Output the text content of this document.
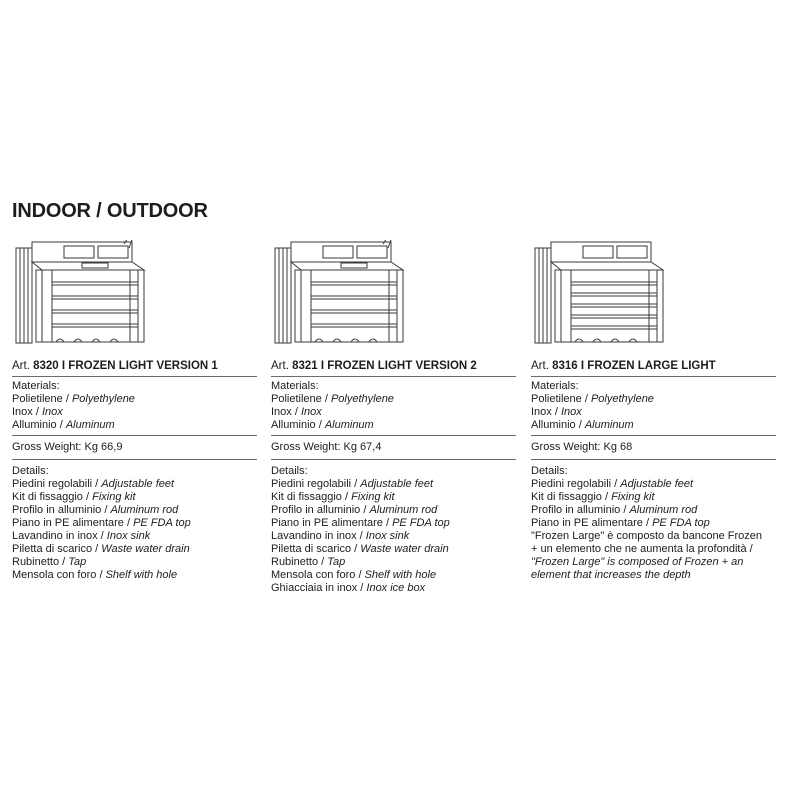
INDOOR / OUTDOOR
Art. 8320 I FROZEN LIGHT VERSION 1
Materials:
Polietilene / Polyethylene
Inox / Inox
Alluminio / Aluminum
Gross Weight: Kg 66,9
Details:
Piedini regolabili / Adjustable feet
Kit di fissaggio / Fixing kit
Profilo in alluminio / Aluminum rod
Piano in PE alimentare / PE FDA top
Lavandino in inox / Inox sink
Piletta di scarico / Waste water drain
Rubinetto / Tap
Mensola con foro / Shelf with hole
Art. 8321 I FROZEN LIGHT VERSION 2
Materials:
Polietilene / Polyethylene
Inox / Inox
Alluminio / Aluminum
Gross Weight: Kg 67,4
Details:
Piedini regolabili / Adjustable feet
Kit di fissaggio / Fixing kit
Profilo in alluminio / Aluminum rod
Piano in PE alimentare / PE FDA top
Lavandino in inox / Inox sink
Piletta di scarico / Waste water drain
Rubinetto / Tap
Mensola con foro / Shelf with hole
Ghiacciaia in inox / Inox ice box
Art. 8316 I FROZEN LARGE LIGHT
Materials:
Polietilene / Polyethylene
Inox / Inox
Alluminio / Aluminum
Gross Weight: Kg 68
Details:
Piedini regolabili / Adjustable feet
Kit di fissaggio / Fixing kit
Profilo in alluminio / Aluminum rod
Piano in PE alimentare / PE FDA top
"Frozen Large" è composto da bancone Frozen + un elemento che ne aumenta la profondità / "Frozen Large" is composed of Frozen + an element that increases the depth
